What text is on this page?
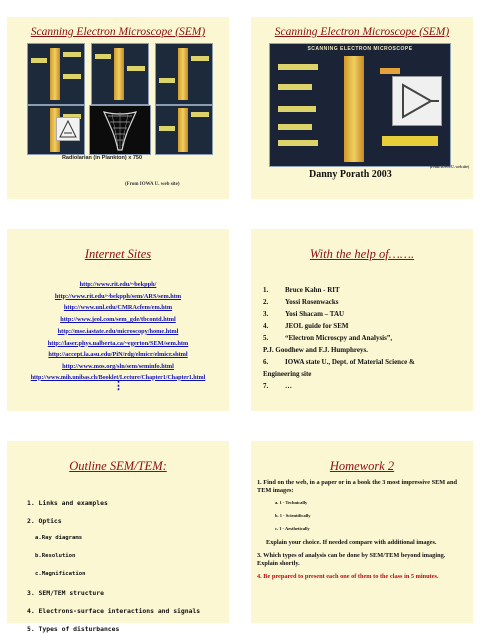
Scanning Electron Microscope (SEM)
Radiolarian (in Plankton) x 750
(From IOWA U. web site)
Scanning Electron Microscope (SEM)
SCANNING ELECTRON MICROSCOPE
(From IOWA U. web site)
Danny Porath 2003
Internet Sites
http://www.rit.edu/~bekpph/
http://www.rit.edu/~bekpph/sem/ARS/sem.htm
http://www.unl.edu/CMRAcfem/em.htm
http://www.jeol.com/sem_gde/tbcontd.html
http://mse.iastate.edu/microscopy/home.html
http://laser.phys.ualberta.ca/~egerton/SEM/sem.htm
http://accept.la.asu.edu/PiN/rdg/elmicr/elmicr.shtml
http://www.mos.org/sln/sem/seminfo.html
http://www.mih.unibas.ch/Booklet/Lecture/Chapter1/Chapter1.html
⋮
With the help of…….
1.	Bruce Kahn - RIT
2.	Yossi Rosenwacks
3.	Yosi Shacam – TAU
4.	JEOL guide for SEM
5.	“Electron Microscpy and Analysis”,
P.J. Goodhew and F.J. Humphreys.
6.	IOWA state U., Dept. of Material Science &
Engineering site
7.	…
Outline SEM/TEM:
1. Links and examples
2. Optics
a.Ray diagrams
b.Resolution
c.Magnification
3. SEM/TEM structure
4. Electrons-surface interactions and signals
5. Types of disturbances
Homework 2
1. Find on the web, in a paper or in a book the 3 most impressive SEM and TEM images:
a. 1 - Technically
b. 1 - Scientifically
c. 1 - Aesthetically
Explain your choice. If needed compare with additional images.
3. Which types of analysis can be done by SEM/TEM beyond imaging. Explain shortly.
4. Be prepared to present each one of them to the class in 5 minutes.
